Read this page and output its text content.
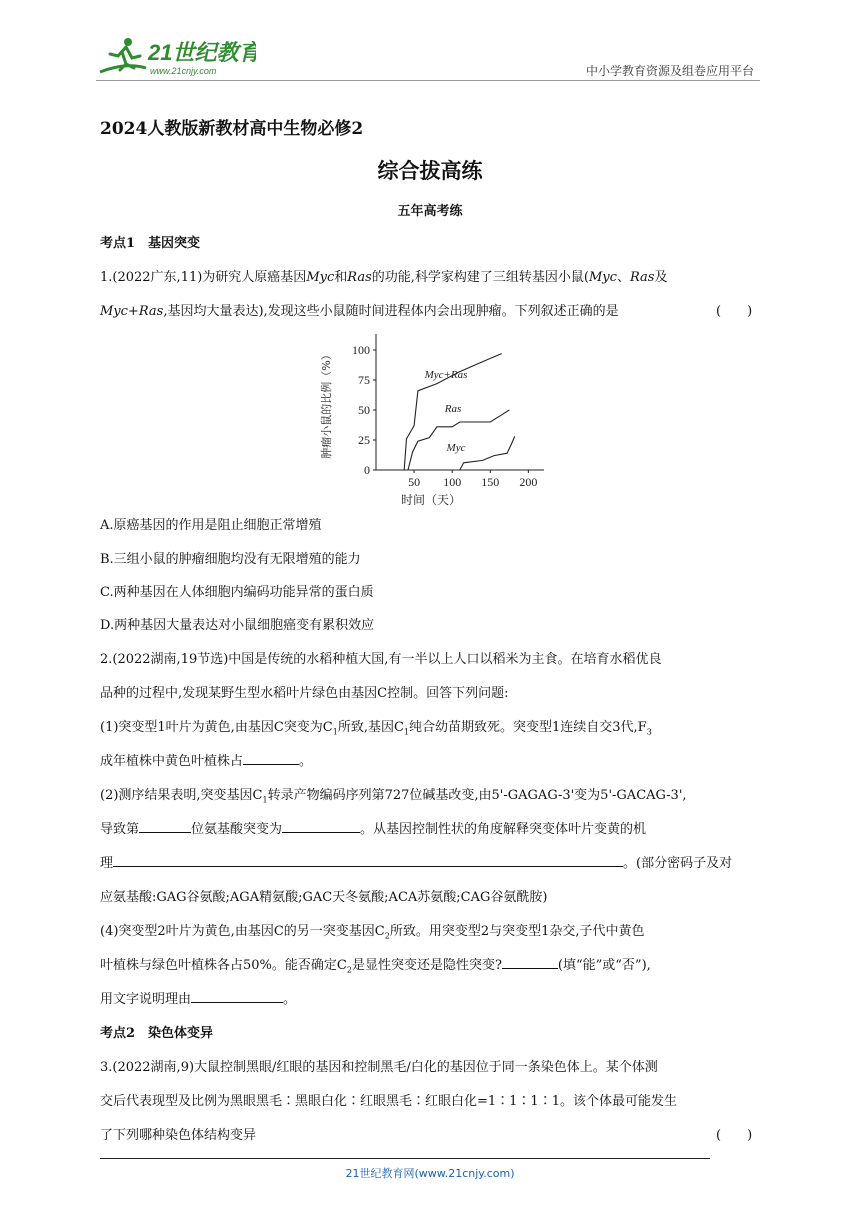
21世纪教育
www.21cnjy.com	中小学教育资源及组卷应用平台
2024人教版新教材高中生物必修2
综合拔高练
五年高考练
考点1　基因突变
1.(2022广东,11)为研究人原癌基因Myc和Ras的功能,科学家构建了三组转基因小鼠(Myc、Ras及
Myc+Ras,基因均大量表达),发现这些小鼠随时间进程体内会出现肿瘤。下列叙述正确的是	(　　)
0
25
50
75
100
50 100 150 200
时间（天）
肿瘤小鼠的比例（%）	Myc+Ras
Ras
Myc
A.原癌基因的作用是阻止细胞正常增殖
B.三组小鼠的肿瘤细胞均没有无限增殖的能力
C.两种基因在人体细胞内编码功能异常的蛋白质
D.两种基因大量表达对小鼠细胞癌变有累积效应
2.(2022湖南,19节选)中国是传统的水稻种植大国,有一半以上人口以稻米为主食。在培育水稻优良
品种的过程中,发现某野生型水稻叶片绿色由基因C控制。回答下列问题:
(1)突变型1叶片为黄色,由基因C突变为$C_1$所致,基因$C_1$纯合幼苗期致死。突变型1连续自交3代$,F_3$
成年植株中黄色叶植株占	。
(2)测序结果表明,突变基因$C_1$转录产物编码序列第727位碱基改变,由5'-GAGAG-3'变为5'-GACAG-3',
导致第	位氨基酸突变为	。从基因控制性状的角度解释突变体叶片变黄的机
理	。(部分密码子及对
应氨基酸:GAG谷氨酸;AGA精氨酸;GAC天冬氨酸;ACA苏氨酸;CAG谷氨酰胺)
(4)突变型2叶片为黄色,由基因C的另一突变基因$C_2$所致。用突变型2与突变型1杂交,子代中黄色
叶植株与绿色叶植株各占50%。能否确定$C_2$是显性突变还是隐性突变?	(填“能”或“否”),
用文字说明理由	。
考点2　染色体变异
3.(2022湖南,9)大鼠控制黑眼/红眼的基因和控制黑毛/白化的基因位于同一条染色体上。某个体测
交后代表现型及比例为黑眼黑毛∶黑眼白化∶红眼黑毛∶红眼白化=1∶1∶1∶1。该个体最可能发生
了下列哪种染色体结构变异	(　　)
21世纪教育网(www.21cnjy.com)
